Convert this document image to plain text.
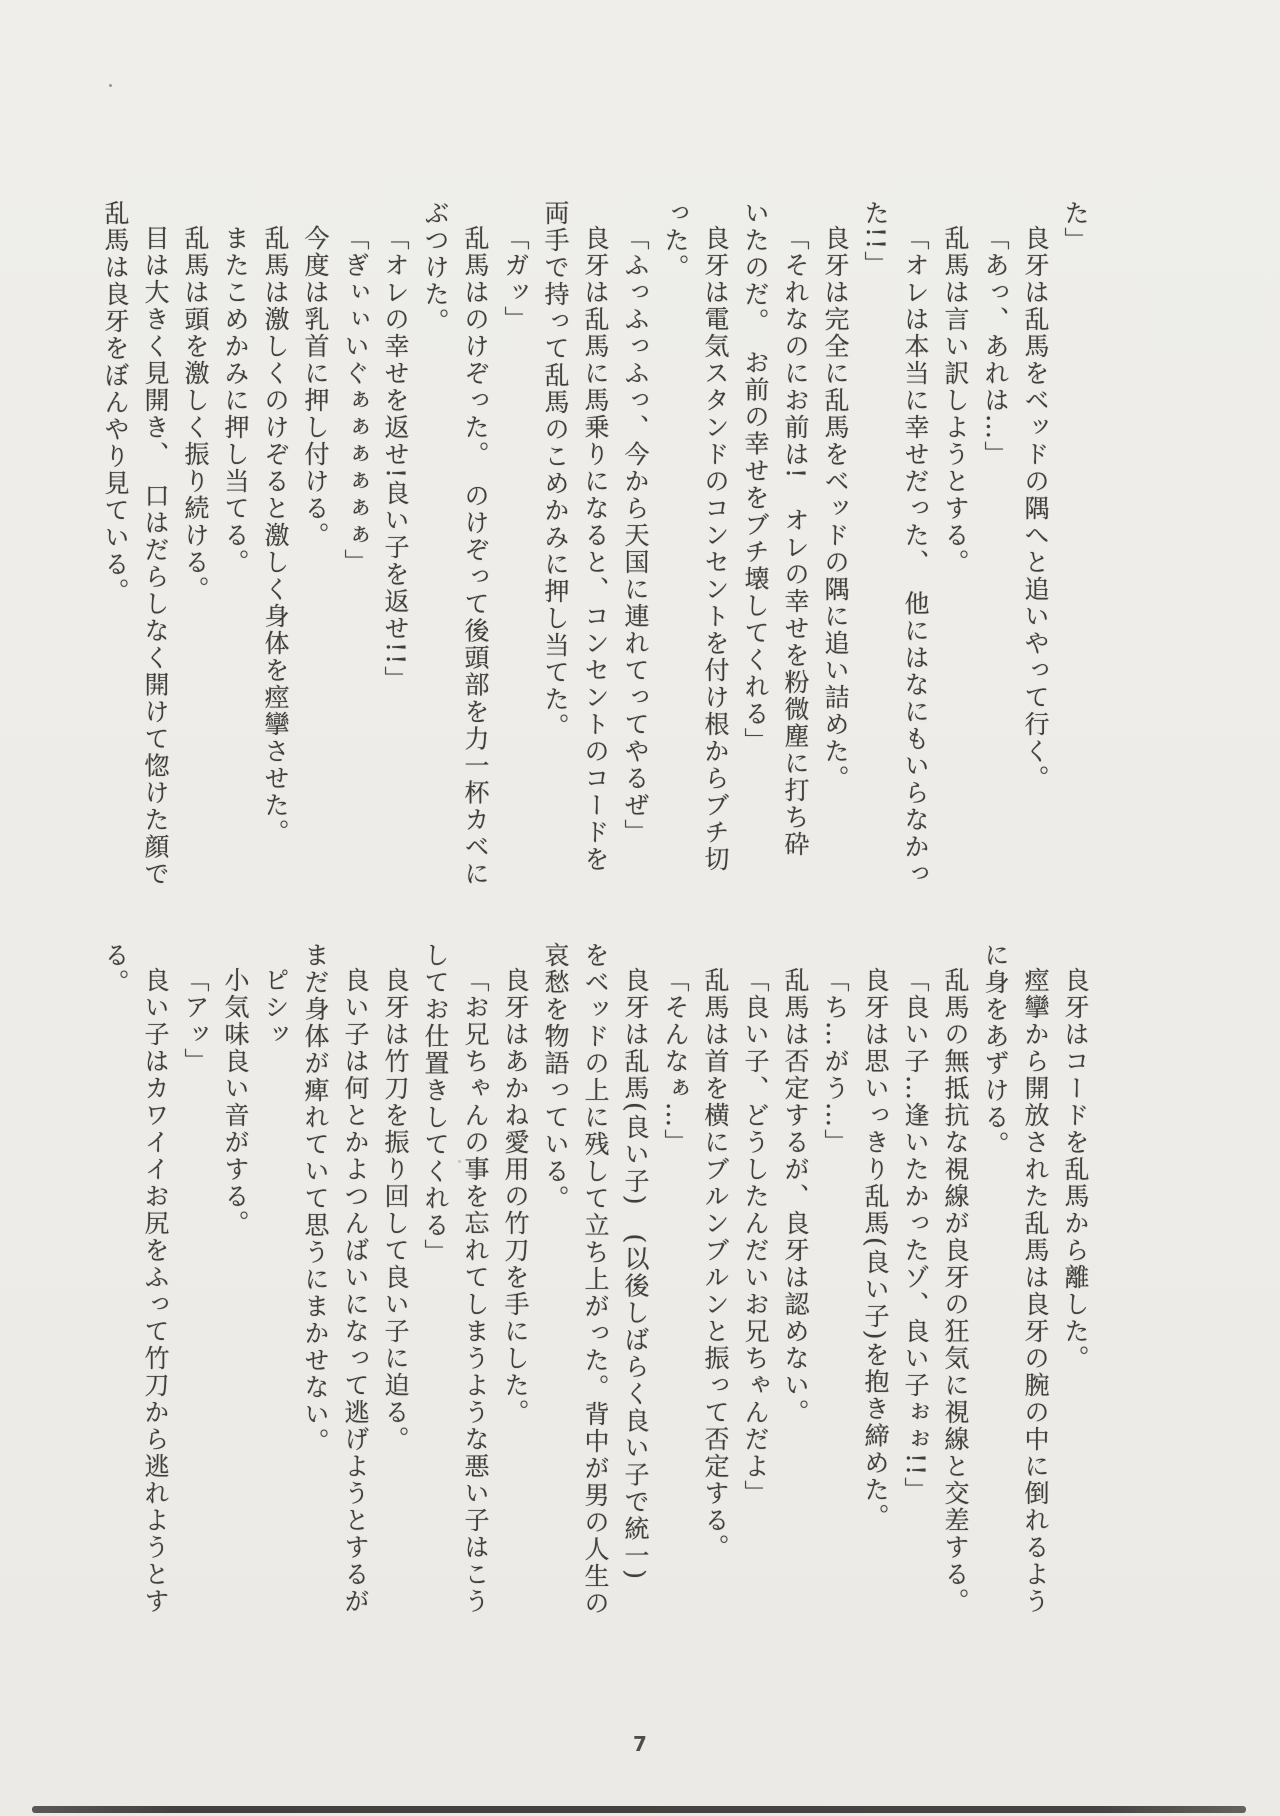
た」

良牙は乱馬をベッドの隅へと追いやって行く。

「あっ、あれは…」

乱馬は言い訳しようとする。

「オレは本当に幸せだった、　他にはなにもいらなかっ

た!!」

良牙は完全に乱馬をベッドの隅に追い詰めた。

「それなのにお前は!　オレの幸せを粉微塵に打ち砕

いたのだ。　お前の幸せをブチ壊してくれる」

良牙は電気スタンドのコンセントを付け根からブチ切

った。

「ふっふっふっ、今から天国に連れてってやるぜ」

良牙は乱馬に馬乗りになると、コンセントのコードを

両手で持って乱馬のこめかみに押し当てた。

「ガッ」

乱馬はのけぞった。　のけぞって後頭部を力一杯カベに

ぶつけた。

「オレの幸せを返せ!良い子を返せ!!」

「ぎぃぃいぐぁぁぁぁぁぁ」

今度は乳首に押し付ける。

乱馬は激しくのけぞると激しく身体を痙攣させた。

またこめかみに押し当てる。

乱馬は頭を激しく振り続ける。

目は大きく見開き、　口はだらしなく開けて惚けた顔で

乱馬は良牙をぼんやり見ている。

良牙はコードを乱馬から離した。

痙攣から開放された乱馬は良牙の腕の中に倒れるよう

に身をあずける。

乱馬の無抵抗な視線が良牙の狂気に視線と交差する。

「良い子…逢いたかったゾ、良い子ぉぉ!!」

良牙は思いっきり乱馬(良い子)を抱き締めた。

「ち…がう…」

乱馬は否定するが、良牙は認めない。

「良い子、どうしたんだいお兄ちゃんだよ」

乱馬は首を横にブルンブルンと振って否定する。

「そんなぁ…」

良牙は乱馬(良い子)　(以後しばらく良い子で統一)

をベッドの上に残して立ち上がった。背中が男の人生の

哀愁を物語っている。

良牙はあかね愛用の竹刀を手にした。

「お兄ちゃんの事を忘れてしまうような悪い子はこう

してお仕置きしてくれる」

良牙は竹刀を振り回して良い子に迫る。

良い子は何とかよつんばいになって逃げようとするが

まだ身体が痺れていて思うにまかせない。

ピシッ

小気味良い音がする。

「アッ」

良い子はカワイイお尻をふって竹刀から逃れようとす

る。

7
